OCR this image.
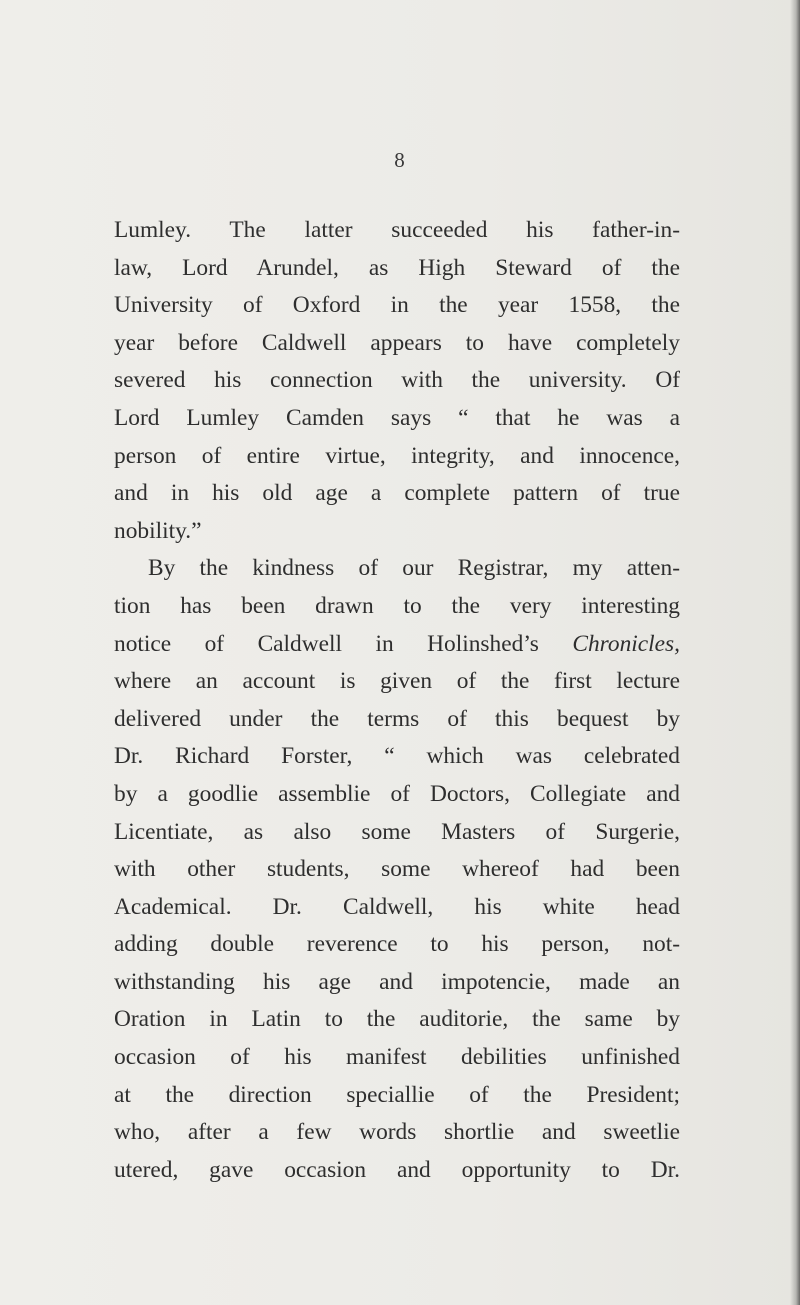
8
Lumley. The latter succeeded his father-in-
law, Lord Arundel, as High Steward of the
University of Oxford in the year 1558, the
year before Caldwell appears to have completely
severed his connection with the university. Of
Lord Lumley Camden says “ that he was a
person of entire virtue, integrity, and innocence,
and in his old age a complete pattern of true
nobility.”
By the kindness of our Registrar, my atten-
tion has been drawn to the very interesting
notice of Caldwell in Holinshed’s Chronicles,
where an account is given of the first lecture
delivered under the terms of this bequest by
Dr. Richard Forster, “ which was celebrated
by a goodlie assemblie of Doctors, Collegiate and
Licentiate, as also some Masters of Surgerie,
with other students, some whereof had been
Academical. Dr. Caldwell, his white head
adding double reverence to his person, not-
withstanding his age and impotencie, made an
Oration in Latin to the auditorie, the same by
occasion of his manifest debilities unfinished
at the direction speciallie of the President;
who, after a few words shortlie and sweetlie
utered, gave occasion and opportunity to Dr.
